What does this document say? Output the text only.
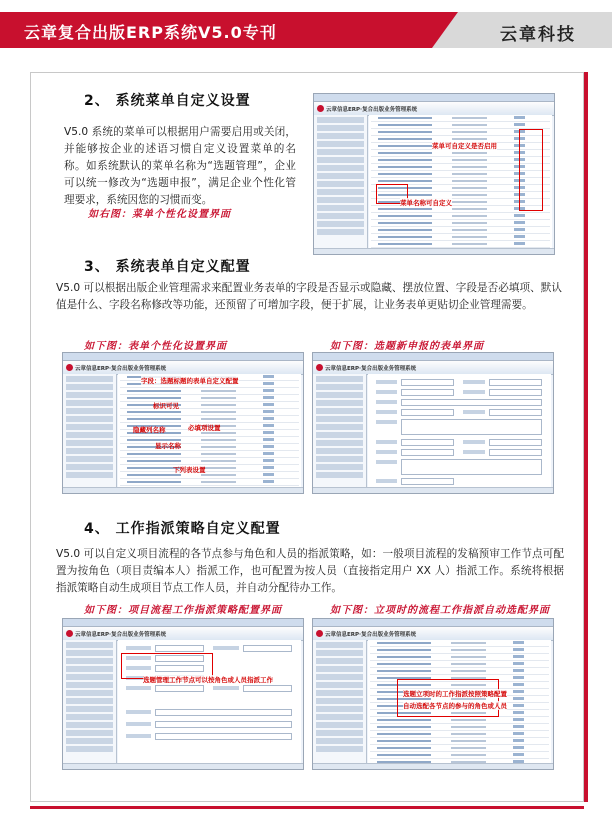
云章复合出版ERP系统V5.0专刊	云章科技
2、 系统菜单自定义设置
V5.0 系统的菜单可以根据用户需要启用或关闭，并能够按企业的述语习惯自定义设置菜单的名称。如系统默认的菜单名称为“选题管理”，企业可以统一修改为“选题申报”，满足企业个性化管理要求，系统因您的习惯而变。
如右图：菜单个性化设置界面
云章信息ERP·复合出版业务管理系统
菜单可自定义是否启用
菜单名称可自定义
3、 系统表单自定义配置
V5.0 可以根据出版企业管理需求来配置业务表单的字段是否显示或隐藏、摆放位置、字段是否必填项、默认值是什么、字段名称修改等功能，还预留了可增加字段，便于扩展，让业务表单更贴切企业管理需要。
如下图：表单个性化设置界面	如下图：选题新申报的表单界面
云章信息ERP·复合出版业务管理系统
字段：选题标题的表单自定义配置
标识可见
必填项设置
隐藏列名称
显示名称
下列表设置
云章信息ERP·复合出版业务管理系统
4、 工作指派策略自定义配置
V5.0 可以自定义项目流程的各节点参与角色和人员的指派策略，如：一般项目流程的发稿预审工作节点可配置为按角色（项目责编本人）指派工作，也可配置为按人员（直接指定用户 XX 人）指派工作。系统将根据指派策略自动生成项目节点工作人员，并自动分配待办工作。
如下图：项目流程工作指派策略配置界面	如下图：立项时的流程工作指派自动选配界面
云章信息ERP·复合出版业务管理系统
选题管理工作节点可以按角色或人员指派工作
云章信息ERP·复合出版业务管理系统
选题立项时的工作指派按照策略配置
自动选配各节点的参与的角色或人员
